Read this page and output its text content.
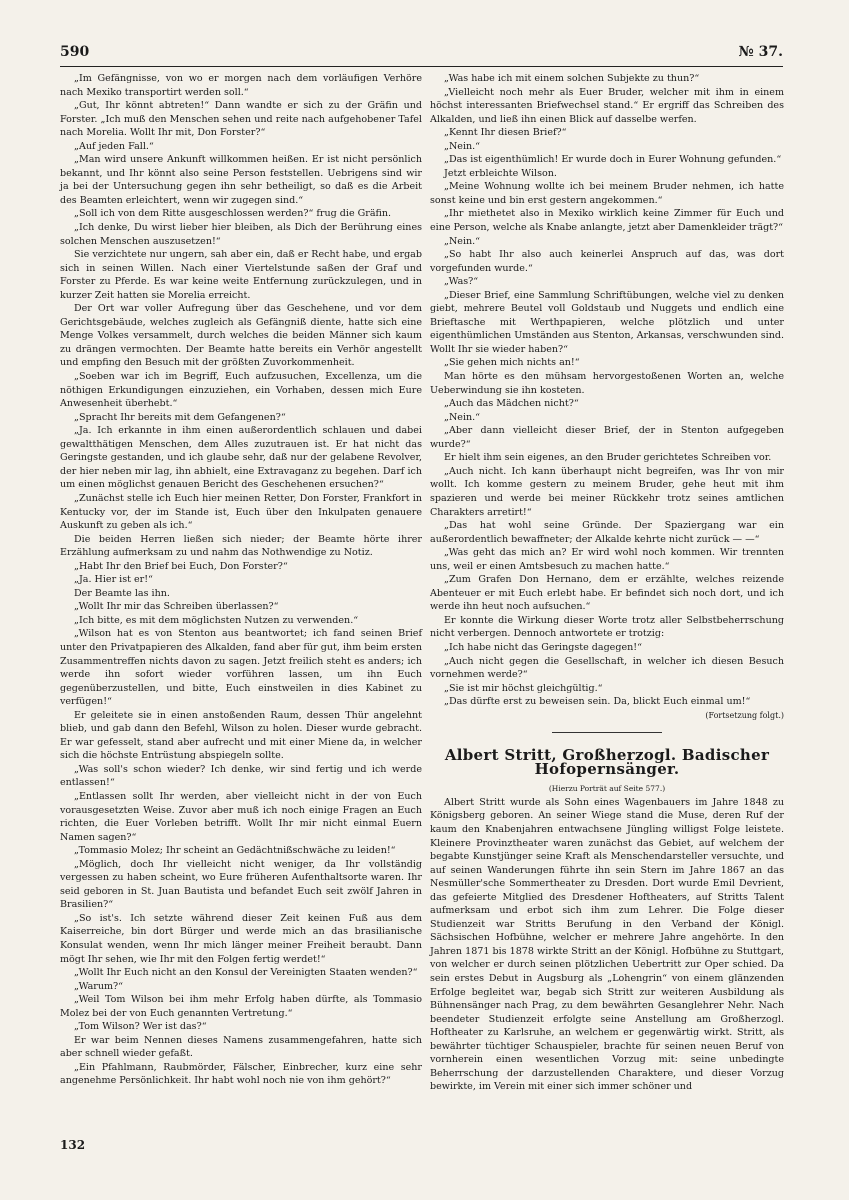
590	№ 37.

„Im Gefängnisse, von wo er morgen nach dem vorläufigen Verhöre nach Mexiko transportirt werden soll.“

„Gut, Ihr könnt abtreten!“ Dann wandte er sich zu der Gräfin und Forster. „Ich muß den Menschen sehen und reite nach aufgehobener Tafel nach Morelia. Wollt Ihr mit, Don Forster?“

„Auf jeden Fall.“

„Man wird unsere Ankunft willkommen heißen. Er ist nicht persönlich bekannt, und Ihr könnt also seine Person feststellen. Uebrigens sind wir ja bei der Untersuchung gegen ihn sehr betheiligt, so daß es die Arbeit des Beamten erleichtert, wenn wir zugegen sind.“

„Soll ich von dem Ritte ausgeschlossen werden?“ frug die Gräfin.

„Ich denke, Du wirst lieber hier bleiben, als Dich der Berührung eines solchen Menschen auszusetzen!“

Sie verzichtete nur ungern, sah aber ein, daß er Recht habe, und ergab sich in seinen Willen. Nach einer Viertelstunde saßen der Graf und Forster zu Pferde. Es war keine weite Entfernung zurückzulegen, und in kurzer Zeit hatten sie Morelia erreicht.

Der Ort war voller Aufregung über das Geschehene, und vor dem Gerichtsgebäude, welches zugleich als Gefängniß diente, hatte sich eine Menge Volkes versammelt, durch welches die beiden Männer sich kaum zu drängen vermochten. Der Beamte hatte bereits ein Verhör angestellt und empfing den Besuch mit der größten Zuvorkommenheit.

„Soeben war ich im Begriff, Euch aufzusuchen, Excellenza, um die nöthigen Erkundigungen einzuziehen, ein Vorhaben, dessen mich Eure Anwesenheit überhebt.“

„Spracht Ihr bereits mit dem Gefangenen?“

„Ja. Ich erkannte in ihm einen außerordentlich schlauen und dabei gewaltthätigen Menschen, dem Alles zuzutrauen ist. Er hat nicht das Geringste gestanden, und ich glaube sehr, daß nur der gelabene Revolver, der hier neben mir lag, ihn abhielt, eine Extravaganz zu begehen. Darf ich um einen möglichst genauen Bericht des Geschehenen ersuchen?“

„Zunächst stelle ich Euch hier meinen Retter, Don Forster, Frankfort in Kentucky vor, der im Stande ist, Euch über den Inkulpaten genauere Auskunft zu geben als ich.“

Die beiden Herren ließen sich nieder; der Beamte hörte ihrer Erzählung aufmerksam zu und nahm das Nothwendige zu Notiz.

„Habt Ihr den Brief bei Euch, Don Forster?“

„Ja. Hier ist er!“

Der Beamte las ihn.

„Wollt Ihr mir das Schreiben überlassen?“

„Ich bitte, es mit dem möglichsten Nutzen zu verwenden.“

„Wilson hat es von Stenton aus beantwortet; ich fand seinen Brief unter den Privatpapieren des Alkalden, fand aber für gut, ihm beim ersten Zusammentreffen nichts davon zu sagen. Jetzt freilich steht es anders; ich werde ihn sofort wieder vorführen lassen, um ihn Euch gegenüberzustellen, und bitte, Euch einstweilen in dies Kabinet zu verfügen!“

Er geleitete sie in einen anstoßenden Raum, dessen Thür angelehnt blieb, und gab dann den Befehl, Wilson zu holen. Dieser wurde gebracht. Er war gefesselt, stand aber aufrecht und mit einer Miene da, in welcher sich die höchste Entrüstung abspiegeln sollte.

„Was soll's schon wieder? Ich denke, wir sind fertig und ich werde entlassen!“

„Entlassen sollt Ihr werden, aber vielleicht nicht in der von Euch vorausgesetzten Weise. Zuvor aber muß ich noch einige Fragen an Euch richten, die Euer Vorleben betrifft. Wollt Ihr mir nicht einmal Euern Namen sagen?“

„Tommasio Molez; Ihr scheint an Gedächtnißschwäche zu leiden!“

„Möglich, doch Ihr vielleicht nicht weniger, da Ihr vollständig vergessen zu haben scheint, wo Eure früheren Aufenthaltsorte waren. Ihr seid geboren in St. Juan Bautista und befandet Euch seit zwölf Jahren in Brasilien?“

„So ist's. Ich setzte während dieser Zeit keinen Fuß aus dem Kaiserreiche, bin dort Bürger und werde mich an das brasilianische Konsulat wenden, wenn Ihr mich länger meiner Freiheit beraubt. Dann mögt Ihr sehen, wie Ihr mit den Folgen fertig werdet!“

„Wollt Ihr Euch nicht an den Konsul der Vereinigten Staaten wenden?“

„Warum?“

„Weil Tom Wilson bei ihm mehr Erfolg haben dürfte, als Tommasio Molez bei der von Euch genannten Vertretung.“

„Tom Wilson? Wer ist das?“

Er war beim Nennen dieses Namens zusammengefahren, hatte sich aber schnell wieder gefaßt.

„Ein Pfahlmann, Raubmörder, Fälscher, Einbrecher, kurz eine sehr angenehme Persönlichkeit. Ihr habt wohl noch nie von ihm gehört?“

„Was habe ich mit einem solchen Subjekte zu thun?“

„Vielleicht noch mehr als Euer Bruder, welcher mit ihm in einem höchst interessanten Briefwechsel stand.“ Er ergriff das Schreiben des Alkalden, und ließ ihn einen Blick auf dasselbe werfen.

„Kennt Ihr diesen Brief?“

„Nein.“

„Das ist eigenthümlich! Er wurde doch in Eurer Wohnung gefunden.“

Jetzt erbleichte Wilson.

„Meine Wohnung wollte ich bei meinem Bruder nehmen, ich hatte sonst keine und bin erst gestern angekommen.“

„Ihr miethetet also in Mexiko wirklich keine Zimmer für Euch und eine Person, welche als Knabe anlangte, jetzt aber Damenkleider trägt?“

„Nein.“

„So habt Ihr also auch keinerlei Anspruch auf das, was dort vorgefunden wurde.“

„Was?“

„Dieser Brief, eine Sammlung Schriftübungen, welche viel zu denken giebt, mehrere Beutel voll Goldstaub und Nuggets und endlich eine Brieftasche mit Werthpapieren, welche plötzlich und unter eigenthümlichen Umständen aus Stenton, Arkansas, verschwunden sind. Wollt Ihr sie wieder haben?“

„Sie gehen mich nichts an!“

Man hörte es den mühsam hervorgestoßenen Worten an, welche Ueberwindung sie ihn kosteten.

„Auch das Mädchen nicht?“

„Nein.“

„Aber dann vielleicht dieser Brief, der in Stenton aufgegeben wurde?“

Er hielt ihm sein eigenes, an den Bruder gerichtetes Schreiben vor.

„Auch nicht. Ich kann überhaupt nicht begreifen, was Ihr von mir wollt. Ich komme gestern zu meinem Bruder, gehe heut mit ihm spazieren und werde bei meiner Rückkehr trotz seines amtlichen Charakters arretirt!“

„Das hat wohl seine Gründe. Der Spaziergang war ein außerordentlich bewaffneter; der Alkalde kehrte nicht zurück — —“

„Was geht das mich an? Er wird wohl noch kommen. Wir trennten uns, weil er einen Amtsbesuch zu machen hatte.“

„Zum Grafen Don Hernano, dem er erzählte, welches reizende Abenteuer er mit Euch erlebt habe. Er befindet sich noch dort, und ich werde ihn heut noch aufsuchen.“

Er konnte die Wirkung dieser Worte trotz aller Selbstbeherrschung nicht verbergen. Dennoch antwortete er trotzig:

„Ich habe nicht das Geringste dagegen!“

„Auch nicht gegen die Gesellschaft, in welcher ich diesen Besuch vornehmen werde?“

„Sie ist mir höchst gleichgültig.“

„Das dürfte erst zu beweisen sein. Da, blickt Euch einmal um!“

(Fortsetzung folgt.)

Albert Stritt, Großherzogl. Badischer Hofopernsänger.

(Hierzu Porträt auf Seite 577.)

Albert Stritt wurde als Sohn eines Wagenbauers im Jahre 1848 zu Königsberg geboren. An seiner Wiege stand die Muse, deren Ruf der kaum den Knabenjahren entwachsene Jüngling willigst Folge leistete. Kleinere Provinztheater waren zunächst das Gebiet, auf welchem der begabte Kunstjünger seine Kraft als Menschendarsteller versuchte, und auf seinen Wanderungen führte ihn sein Stern im Jahre 1867 an das Nesmüller'sche Sommertheater zu Dresden. Dort wurde Emil Devrient, das gefeierte Mitglied des Dresdener Hoftheaters, auf Stritts Talent aufmerksam und erbot sich ihm zum Lehrer. Die Folge dieser Studienzeit war Stritts Berufung in den Verband der Königl. Sächsischen Hofbühne, welcher er mehrere Jahre angehörte. In den Jahren 1871 bis 1878 wirkte Stritt an der Königl. Hofbühne zu Stuttgart, von welcher er durch seinen plötzlichen Uebertritt zur Oper schied. Da sein erstes Debut in Augsburg als „Lohengrin“ von einem glänzenden Erfolge begleitet war, begab sich Stritt zur weiteren Ausbildung als Bühnensänger nach Prag, zu dem bewährten Gesanglehrer Nehr. Nach beendeter Studienzeit erfolgte seine Anstellung am Großherzogl. Hoftheater zu Karlsruhe, an welchem er gegenwärtig wirkt. Stritt, als bewährter tüchtiger Schauspieler, brachte für seinen neuen Beruf von vornherein einen wesentlichen Vorzug mit: seine unbedingte Beherrschung der darzustellenden Charaktere, und dieser Vorzug bewirkte, im Verein mit einer sich immer schöner und

132
